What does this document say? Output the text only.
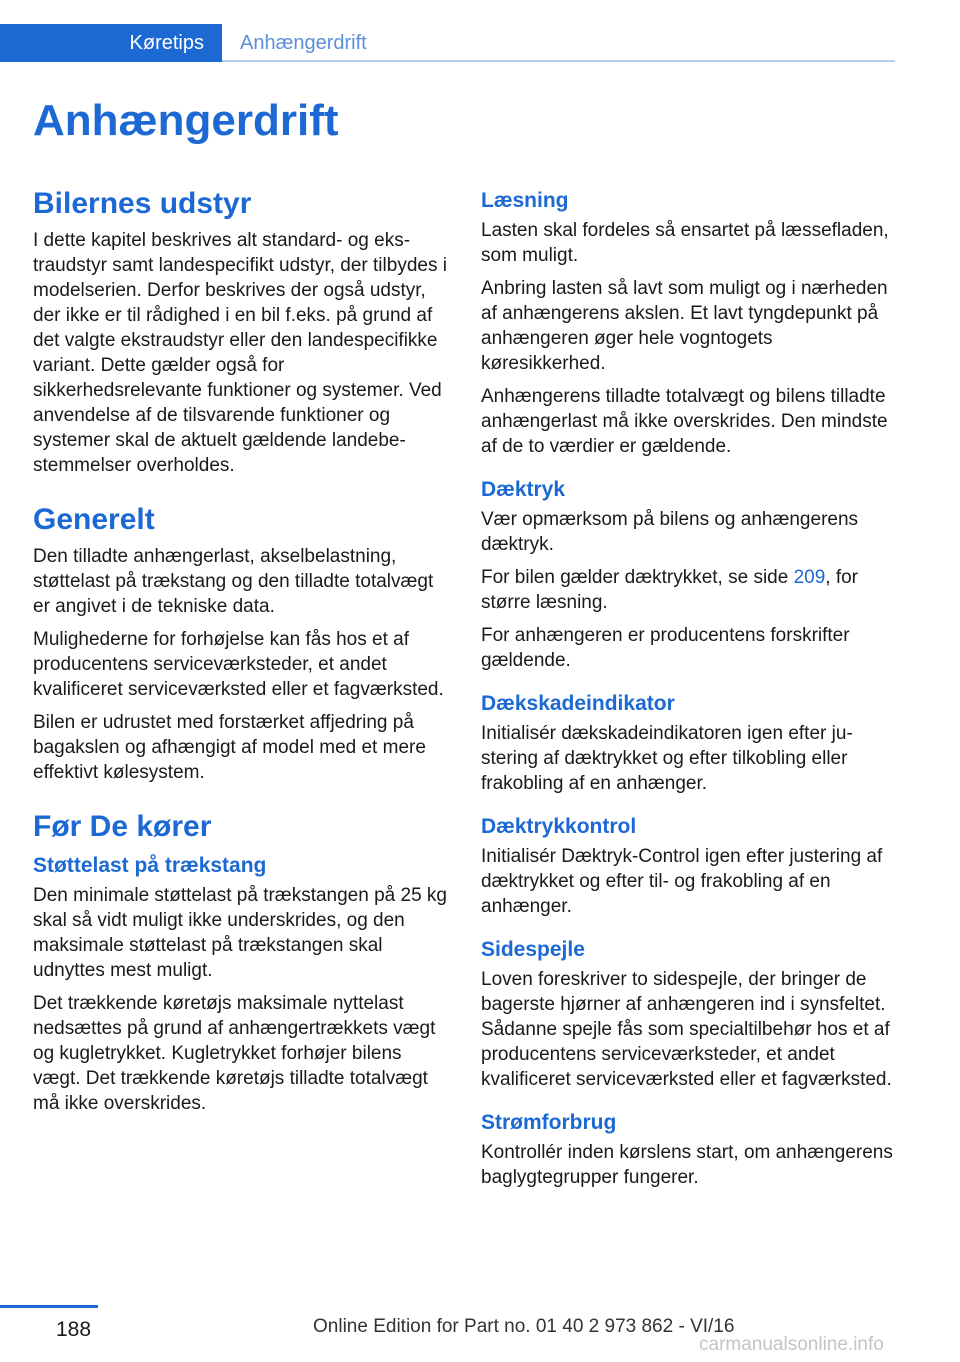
Køretips	Anhængerdrift
Anhængerdrift
Bilernes udstyr

I dette kapitel beskrives alt standard- og ekstraudstyr samt landespecifikt udstyr, der tilbydes i modelserien. Derfor beskrives der også udstyr, der ikke er til rådighed i en bil f.eks. på grund af det valgte ekstraudstyr eller den landespecifikke variant. Dette gælder også for sikkerhedsrelevante funktioner og systemer. Ved anvendelse af de tilsvarende funktioner og systemer skal de aktuelt gældende landebestemmelser overholdes.

Generelt

Den tilladte anhængerlast, akselbelastning, støttelast på trækstang og den tilladte totalvægt er angivet i de tekniske data.

Mulighederne for forhøjelse kan fås hos et af producentens serviceværksteder, et andet kvalificeret serviceværksted eller et fagværksted.

Bilen er udrustet med forstærket affjedring på bagakslen og afhængigt af model med et mere effektivt kølesystem.

Før De kører
Støttelast på trækstang

Den minimale støttelast på trækstangen på 25 kg skal så vidt muligt ikke underskrides, og den maksimale støttelast på trækstangen skal udnyttes mest muligt.

Det trækkende køretøjs maksimale nyttelast nedsættes på grund af anhængertrækkets vægt og kugletrykket. Kugletrykket forhøjer bilens vægt. Det trækkende køretøjs tilladte totalvægt må ikke overskrides.

Læsning

Lasten skal fordeles så ensartet på læssefladen, som muligt.

Anbring lasten så lavt som muligt og i nærheden af anhængerens akslen. Et lavt tyngdepunkt på anhængeren øger hele vogntogets køresikkerhed.

Anhængerens tilladte totalvægt og bilens tilladte anhængerlast må ikke overskrides. Den mindste af de to værdier er gældende.

Dæktryk

Vær opmærksom på bilens og anhængerens dæktryk.

For bilen gælder dæktrykket, se side 209, for større læsning.

For anhængeren er producentens forskrifter gældende.

Dækskadeindikator

Initialisér dækskadeindikatoren igen efter justering af dæktrykket og efter tilkobling eller frakobling af en anhænger.

Dæktrykkontrol

Initialisér Dæktryk-Control igen efter justering af dæktrykket og efter til- og frakobling af en anhænger.

Sidespejle

Loven foreskriver to sidespejle, der bringer de bagerste hjørner af anhængeren ind i synsfeltet. Sådanne spejle fås som specialtilbehør hos et af producentens serviceværksteder, et andet kvalificeret serviceværksted eller et fagværksted.

Strømforbrug

Kontrollér inden kørslens start, om anhængerens baglygtegrupper fungerer.

188	Online Edition for Part no. 01 40 2 973 862 - VI/16
carmanualsonline.info
